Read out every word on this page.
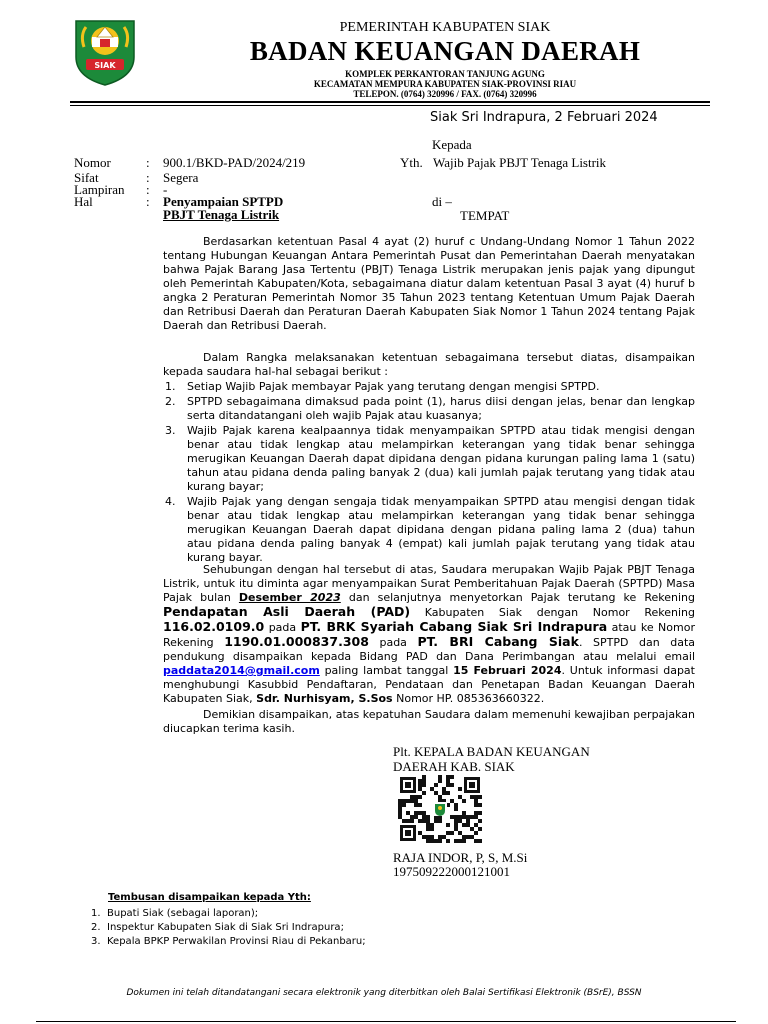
SIAK
PEMERINTAH KABUPATEN SIAK
BADAN KEUANGAN DAERAH
KOMPLEK PERKANTORAN TANJUNG AGUNG
KECAMATAN MEMPURA KABUPATEN SIAK-PROVINSI RIAU
TELEPON. (0764) 320996 / FAX. (0764) 320996
Siak Sri Indrapura, 2 Februari 2024
Kepada
Yth. Wajib Pajak PBJT Tenaga Listrik
di –
TEMPAT
Nomor	: 900.1/BKD-PAD/2024/219
Sifat	: Segera
Lampiran : -
Hal	: Penyampaian SPTPD
PBJT Tenaga Listrik
Berdasarkan ketentuan Pasal 4 ayat (2) huruf c Undang-Undang Nomor 1 Tahun 2022 tentang Hubungan Keuangan Antara Pemerintah Pusat dan Pemerintahan Daerah menyatakan bahwa Pajak Barang Jasa Tertentu (PBJT) Tenaga Listrik merupakan jenis pajak yang dipungut oleh Pemerintah Kabupaten/Kota, sebagaimana diatur dalam ketentuan Pasal 3 ayat (4) huruf b angka 2 Peraturan Pemerintah Nomor 35 Tahun 2023 tentang Ketentuan Umum Pajak Daerah dan Retribusi Daerah dan Peraturan Daerah Kabupaten Siak Nomor 1 Tahun 2024 tentang Pajak Daerah dan Retribusi Daerah.
Dalam Rangka melaksanakan ketentuan sebagaimana tersebut diatas, disampaikan kepada saudara hal-hal sebagai berikut :
1. Setiap Wajib Pajak membayar Pajak yang terutang dengan mengisi SPTPD.
2. SPTPD sebagaimana dimaksud pada point (1), harus diisi dengan jelas, benar dan lengkap serta ditandatangani oleh wajib Pajak atau kuasanya;
3. Wajib Pajak karena kealpaannya tidak menyampaikan SPTPD atau tidak mengisi dengan benar atau tidak lengkap atau melampirkan keterangan yang tidak benar sehingga merugikan Keuangan Daerah dapat dipidana dengan pidana kurungan paling lama 1 (satu) tahun atau pidana denda paling banyak 2 (dua) kali jumlah pajak terutang yang tidak atau kurang bayar;
4. Wajib Pajak yang dengan sengaja tidak menyampaikan SPTPD atau mengisi dengan tidak benar atau tidak lengkap atau melampirkan keterangan yang tidak benar sehingga merugikan Keuangan Daerah dapat dipidana dengan pidana paling lama 2 (dua) tahun atau pidana denda paling banyak 4 (empat) kali jumlah pajak terutang yang tidak atau kurang bayar.
Sehubungan dengan hal tersebut di atas, Saudara merupakan Wajib Pajak PBJT Tenaga Listrik, untuk itu diminta agar menyampaikan Surat Pemberitahuan Pajak Daerah (SPTPD) Masa Pajak bulan Desember 2023 dan selanjutnya menyetorkan Pajak terutang ke Rekening Pendapatan Asli Daerah (PAD) Kabupaten Siak dengan Nomor Rekening 116.02.0109.0 pada PT. BRK Syariah Cabang Siak Sri Indrapura atau ke Nomor Rekening 1190.01.000837.308 pada PT. BRI Cabang Siak. SPTPD dan data pendukung disampaikan kepada Bidang PAD dan Dana Perimbangan atau melalui email paddata2014@gmail.com paling lambat tanggal 15 Februari 2024. Untuk informasi dapat menghubungi Kasubbid Pendaftaran, Pendataan dan Penetapan Badan Keuangan Daerah Kabupaten Siak, Sdr. Nurhisyam, S.Sos Nomor HP. 085363660322.
Demikian disampaikan, atas kepatuhan Saudara dalam memenuhi kewajiban perpajakan diucapkan terima kasih.
Plt. KEPALA BADAN KEUANGAN
DAERAH KAB. SIAK
RAJA INDOR, P, S, M.Si
197509222000121001
Tembusan disampaikan kepada Yth:
1. Bupati Siak (sebagai laporan);
2. Inspektur Kabupaten Siak di Siak Sri Indrapura;
3. Kepala BPKP Perwakilan Provinsi Riau di Pekanbaru;
Dokumen ini telah ditandatangani secara elektronik yang diterbitkan oleh Balai Sertifikasi Elektronik (BSrE), BSSN
